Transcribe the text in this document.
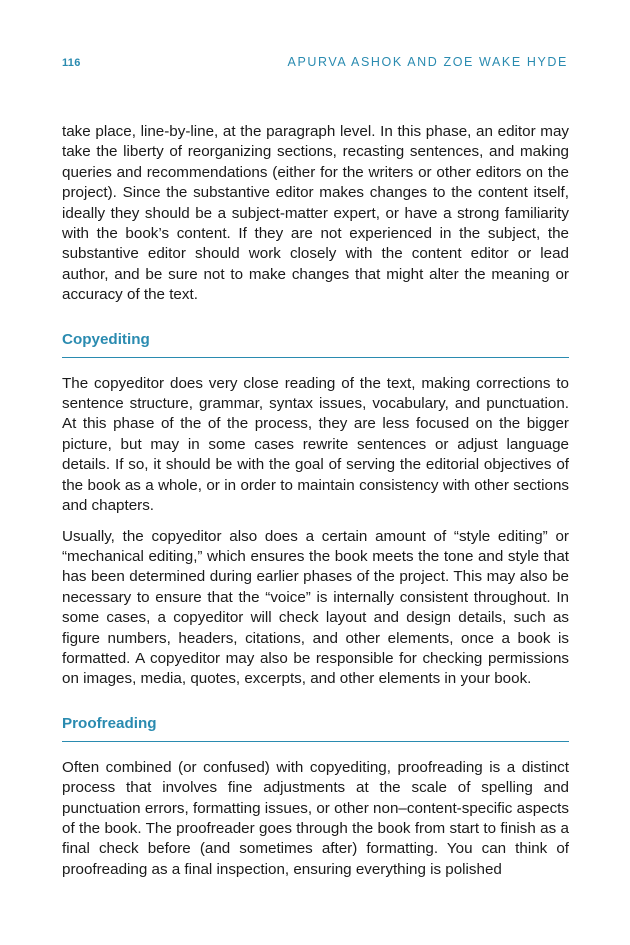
116	APURVA ASHOK AND ZOE WAKE HYDE

take place, line-by-line, at the paragraph level. In this phase, an editor may take the liberty of reorganizing sections, recasting sentences, and making queries and recommendations (either for the writers or other editors on the project). Since the substantive editor makes changes to the content itself, ideally they should be a subject-matter expert, or have a strong familiarity with the book’s content. If they are not experienced in the subject, the substantive editor should work closely with the content editor or lead author, and be sure not to make changes that might alter the meaning or accuracy of the text.

Copyediting

The copyeditor does very close reading of the text, making corrections to sentence structure, grammar, syntax issues, vocabulary, and punctuation. At this phase of the of the process, they are less focused on the bigger picture, but may in some cases rewrite sentences or adjust language details. If so, it should be with the goal of serving the editorial objectives of the book as a whole, or in order to maintain consistency with other sections and chapters.

Usually, the copyeditor also does a certain amount of “style editing” or “mechanical editing,” which ensures the book meets the tone and style that has been determined during earlier phases of the project. This may also be necessary to ensure that the “voice” is internally consistent throughout. In some cases, a copyeditor will check layout and design details, such as figure numbers, headers, citations, and other elements, once a book is formatted. A copyeditor may also be responsible for checking permissions on images, media, quotes, excerpts, and other elements in your book.

Proofreading

Often combined (or confused) with copyediting, proofreading is a distinct process that involves fine adjustments at the scale of spelling and punctuation errors, formatting issues, or other non–content-specific aspects of the book. The proofreader goes through the book from start to finish as a final check before (and sometimes after) formatting. You can think of proofreading as a final inspection, ensuring everything is polished
